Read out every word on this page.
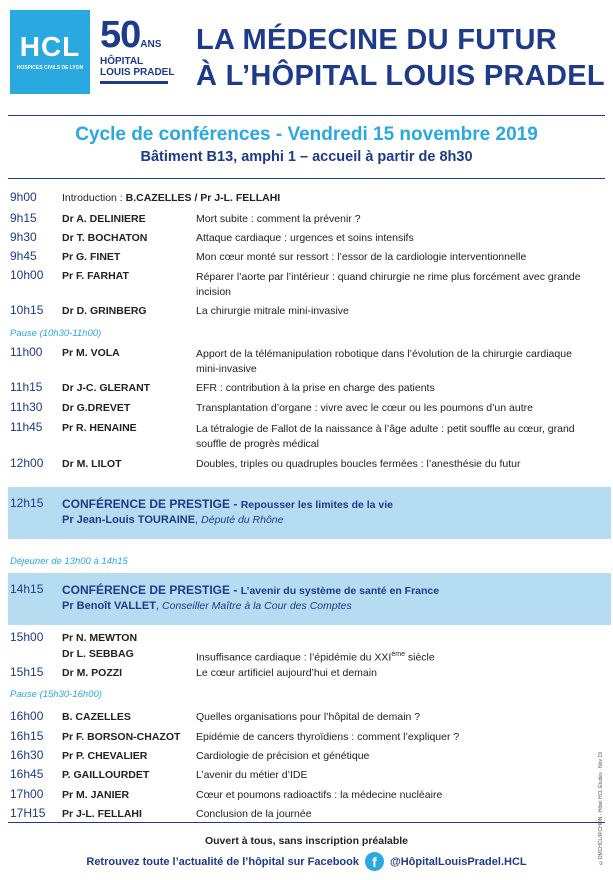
HCL
HOSPICES CIVILS DE LYON
50ANS
HÔPITAL
LOUIS PRADEL
LA MÉDECINE DU FUTUR
À L’HÔPITAL LOUIS PRADEL
Cycle de conférences - Vendredi 15 novembre 2019
Bâtiment B13, amphi 1 – accueil à partir de 8h30
9h00 Introduction : B.CAZELLES / Pr J-L. FELLAHI
9h15 Dr A. DELINIERE	Mort subite : comment la prévenir ?
9h30 Dr T. BOCHATON	Attaque cardiaque : urgences et soins intensifs
9h45 Pr G. FINET	Mon cœur monté sur ressort : l’essor de la cardiologie interventionnelle
10h00 Pr F. FARHAT	Réparer l’aorte par l’intérieur : quand chirurgie ne rime plus forcément avec grande incision
10h15 Dr D. GRINBERG	La chirurgie mitrale mini-invasive
Pause (10h30-11h00)
11h00 Pr M. VOLA	Apport de la télémanipulation robotique dans l’évolution de la chirurgie cardiaque mini-invasive
11h15 Dr J-C. GLERANT	EFR : contribution à la prise en charge des patients
11h30 Dr G.DREVET	Transplantation d’organe : vivre avec le cœur ou les poumons d’un autre
11h45 Pr R. HENAINE	La tétralogie de Fallot de la naissance à l’âge adulte : petit souffle au cœur, grand souffle de progrès médical
12h00 Dr M. LILOT	Doubles, triples ou quadruples boucles fermées : l’anesthésie du futur
12h15 CONFÉRENCE DE PRESTIGE - Repousser les limites de la vie
Pr Jean-Louis TOURAINE, Député du Rhône
Déjeuner de 13h00 à 14h15
14h15 CONFÉRENCE DE PRESTIGE - L’avenir du système de santé en France
Pr Benoît VALLET, Conseiller Maître à la Cour des Comptes
15h00 Pr N. MEWTON
Dr L. SEBBAG	Insuffisance cardiaque : l’épidémie du XXIème siècle
15h15 Dr M. POZZI	Le cœur artificiel aujourd’hui et demain
Pause (15h30-16h00)
16h00 B. CAZELLES	Quelles organisations pour l’hôpital de demain ?
16h15 Pr F. BORSON-CHAZOT Epidémie de cancers thyroïdiens : comment l’expliquer ?
16h30 Pr P. CHEVALIER	Cardiologie de précision et génétique
16h45 P. GAILLOURDET	L’avenir du métier d’IDE
17h00 Pr M. JANIER	Cœur et poumons radioactifs : la médecine nucléaire
17H15 Pr J-L. FELLAHI	Conclusion de la journée
Ouvert à tous, sans inscription préalable
Retrouvez toute l’actualité de l’hôpital sur Facebook f	@HôpitalLouisPradel.HCL	©DMCHCL/RICHON · Hôtel HCL Études · Nov 19
